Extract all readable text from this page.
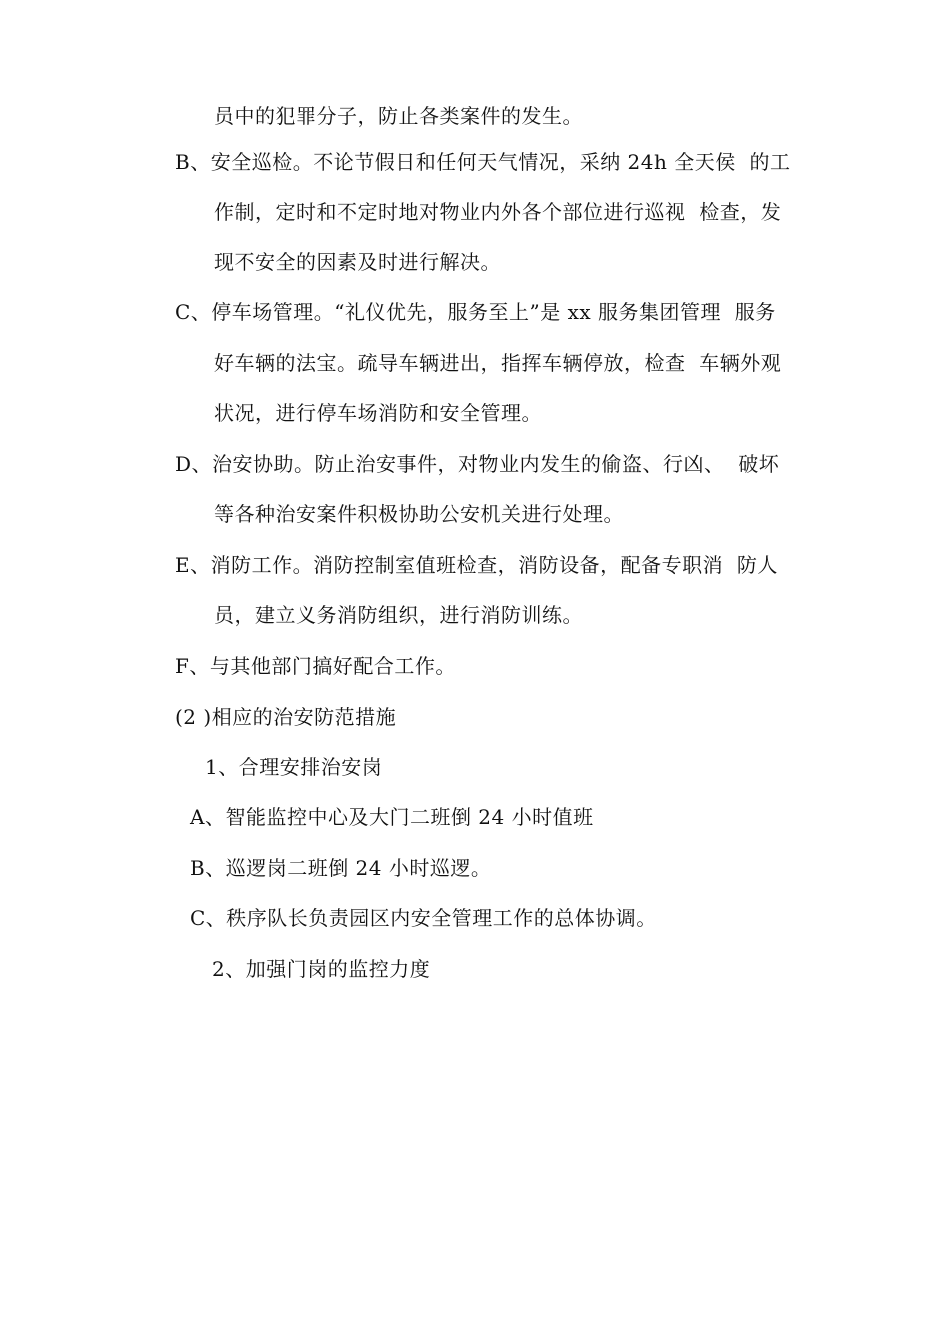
员中的犯罪分子，防止各类案件的发生。
B、安全巡检。不论节假日和任何天气情况，采纳 24h 全天侯  的工
作制，定时和不定时地对物业内外各个部位进行巡视  检查，发
现不安全的因素及时进行解决。
C、停车场管理。“礼仪优先，服务至上”是 xx 服务集团管理  服务
好车辆的法宝。疏导车辆进出，指挥车辆停放，检查  车辆外观
状况，进行停车场消防和安全管理。
D、治安协助。防止治安事件，对物业内发生的偷盗、行凶、  破坏
等各种治安案件积极协助公安机关进行处理。
E、消防工作。消防控制室值班检查，消防设备，配备专职消  防人
员，建立义务消防组织，进行消防训练。
F、与其他部门搞好配合工作。
(2 )相应的治安防范措施
1、合理安排治安岗
A、智能监控中心及大门二班倒 24 小时值班
B、巡逻岗二班倒 24 小时巡逻。
C、秩序队长负责园区内安全管理工作的总体协调。
2、加强门岗的监控力度
